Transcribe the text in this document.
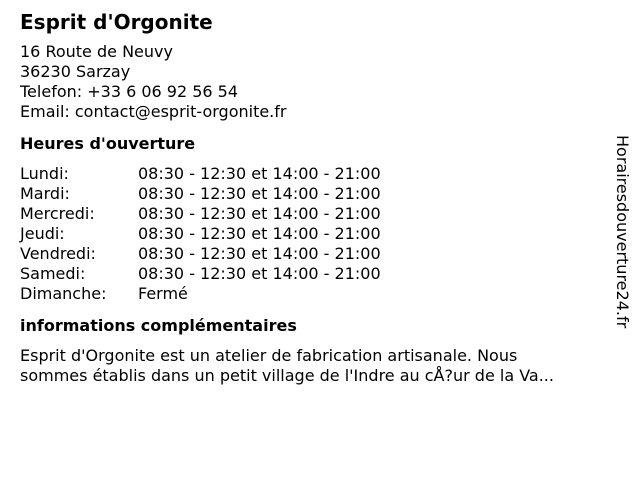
Esprit d'Orgonite
16 Route de Neuvy
36230 Sarzay
Telefon: +33 6 06 92 56 54
Email: contact@esprit-orgonite.fr
Heures d'ouverture
Lundi:	08:30 - 12:30 et 14:00 - 21:00
Mardi:	08:30 - 12:30 et 14:00 - 21:00
Mercredi:	08:30 - 12:30 et 14:00 - 21:00
Jeudi:	08:30 - 12:30 et 14:00 - 21:00
Vendredi:	08:30 - 12:30 et 14:00 - 21:00
Samedi:	08:30 - 12:30 et 14:00 - 21:00
Dimanche: Fermé
informations complémentaires
Esprit d'Orgonite est un atelier de fabrication artisanale. Nous
sommes établis dans un petit village de l'Indre au cÅ?ur de la Va...
Horairesdouverture24.fr
